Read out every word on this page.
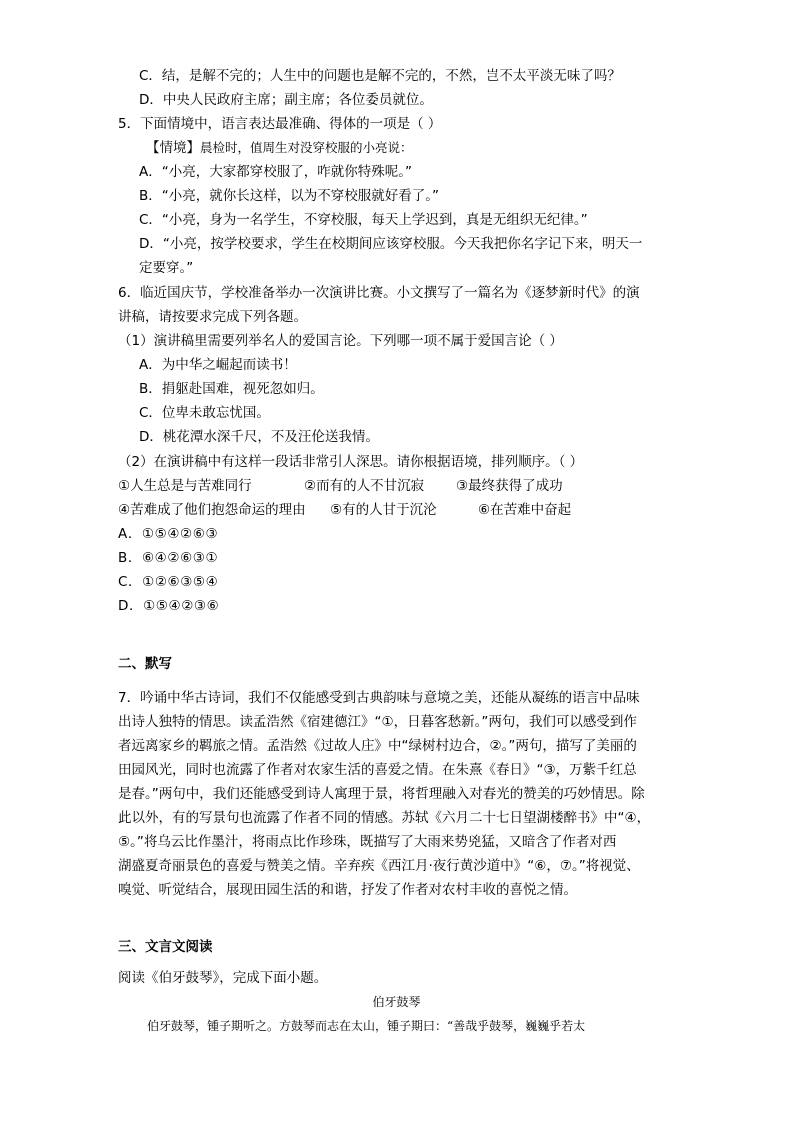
C．结，是解不完的；人生中的问题也是解不完的，不然，岂不太平淡无味了吗？
D．中央人民政府主席；副主席；各位委员就位。
5．下面情境中，语言表达最准确、得体的一项是（ ）
【情境】晨检时，值周生对没穿校服的小亮说：
A．“小亮，大家都穿校服了，咋就你特殊呢。”
B．“小亮，就你长这样，以为不穿校服就好看了。”
C．“小亮，身为一名学生，不穿校服，每天上学迟到，真是无组织无纪律。”
D．“小亮，按学校要求，学生在校期间应该穿校服。今天我把你名字记下来，明天一
定要穿。”
6．临近国庆节，学校准备举办一次演讲比赛。小文撰写了一篇名为《逐梦新时代》的演
讲稿，请按要求完成下列各题。
（1）演讲稿里需要列举名人的爱国言论。下列哪一项不属于爱国言论（ ）
A．为中华之崛起而读书！
B．捐躯赴国难，视死忽如归。
C．位卑未敢忘忧国。
D．桃花潭水深千尺，不及汪伦送我情。
（2）在演讲稿中有这样一段话非常引人深思。请你根据语境，排列顺序。（ ）
①人生总是与苦难同行	②而有的人不甘沉寂 ③最终获得了成功
④苦难成了他们抱怨命运的理由 ⑤有的人甘于沉沦	⑥在苦难中奋起
A．①⑤④②⑥③
B．⑥④②⑥③①
C．①②⑥③⑤④
D．①⑤④②③⑥
二、默写
7．吟诵中华古诗词，我们不仅能感受到古典韵味与意境之美，还能从凝练的语言中品味
出诗人独特的情思。读孟浩然《宿建德江》“①，日暮客愁新。”两句，我们可以感受到作
者远离家乡的羁旅之情。孟浩然《过故人庄》中“绿树村边合，②。”两句，描写了美丽的
田园风光，同时也流露了作者对农家生活的喜爱之情。在朱熹《春日》“③，万紫千红总
是春。”两句中，我们还能感受到诗人寓理于景，将哲理融入对春光的赞美的巧妙情思。除
此以外，有的写景句也流露了作者不同的情感。苏轼《六月二十七日望湖楼醉书》中“④，
⑤。”将乌云比作墨汁，将雨点比作珍珠，既描写了大雨来势兇猛，又暗含了作者对西
湖盛夏奇丽景色的喜爱与赞美之情。辛弃疾《西江月·夜行黄沙道中》“⑥，⑦。”将视觉、
嗅觉、听觉结合，展现田园生活的和谐，抒发了作者对农村丰收的喜悦之情。
三、文言文阅读
阅读《伯牙鼓琴》，完成下面小题。
伯牙鼓琴
伯牙鼓琴，锺子期听之。方鼓琴而志在太山，锺子期曰：“善哉乎鼓琴，巍巍乎若太
